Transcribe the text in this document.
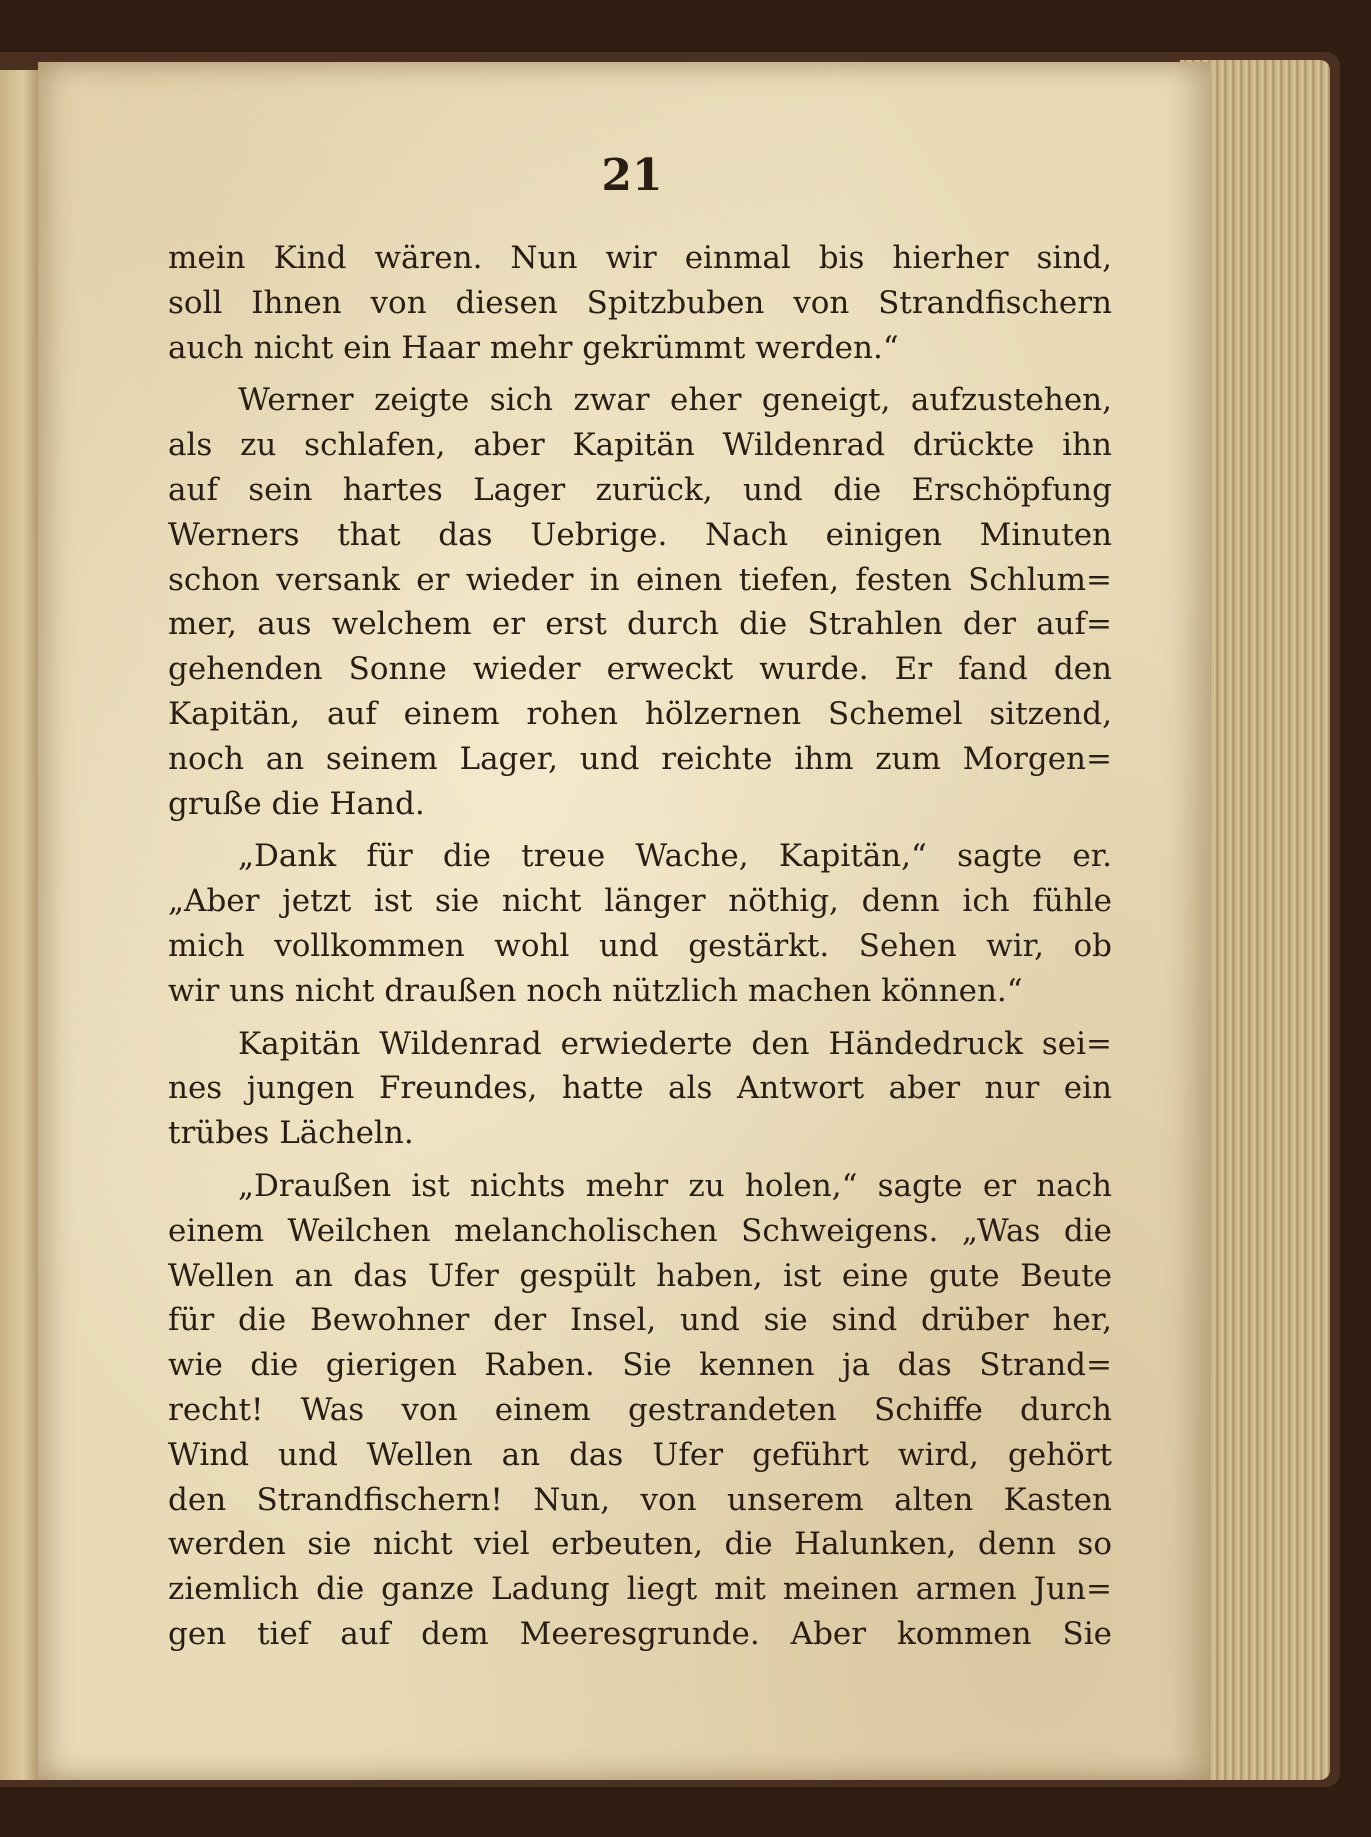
21
mein Kind wären. Nun wir einmal bis hierher sind,
soll Ihnen von diesen Spitzbuben von Strandfischern
auch nicht ein Haar mehr gekrümmt werden.“
Werner zeigte sich zwar eher geneigt, aufzustehen,
als zu schlafen, aber Kapitän Wildenrad drückte ihn
auf sein hartes Lager zurück, und die Erschöpfung
Werners that das Uebrige. Nach einigen Minuten
schon versank er wieder in einen tiefen, festen Schlum=
mer, aus welchem er erst durch die Strahlen der auf=
gehenden Sonne wieder erweckt wurde. Er fand den
Kapitän, auf einem rohen hölzernen Schemel sitzend,
noch an seinem Lager, und reichte ihm zum Morgen=
gruße die Hand.
„Dank für die treue Wache, Kapitän,“ sagte er.
„Aber jetzt ist sie nicht länger nöthig, denn ich fühle
mich vollkommen wohl und gestärkt. Sehen wir, ob
wir uns nicht draußen noch nützlich machen können.“
Kapitän Wildenrad erwiederte den Händedruck sei=
nes jungen Freundes, hatte als Antwort aber nur ein
trübes Lächeln.
„Draußen ist nichts mehr zu holen,“ sagte er nach
einem Weilchen melancholischen Schweigens. „Was die
Wellen an das Ufer gespült haben, ist eine gute Beute
für die Bewohner der Insel, und sie sind drüber her,
wie die gierigen Raben. Sie kennen ja das Strand=
recht! Was von einem gestrandeten Schiffe durch
Wind und Wellen an das Ufer geführt wird, gehört
den Strandfischern! Nun, von unserem alten Kasten
werden sie nicht viel erbeuten, die Halunken, denn so
ziemlich die ganze Ladung liegt mit meinen armen Jun=
gen tief auf dem Meeresgrunde. Aber kommen Sie
